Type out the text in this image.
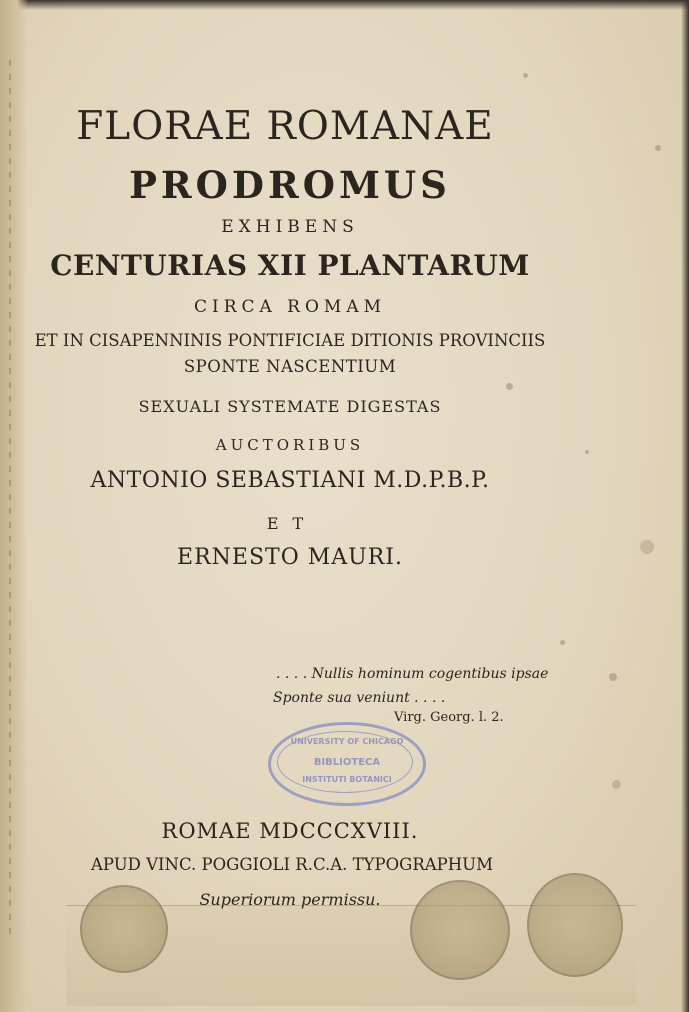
FLORAE ROMANAE

PRODROMUS

EXHIBENS

CENTURIAS XII PLANTARUM

CIRCA ROMAM

ET IN CISAPENNINIS PONTIFICIAE DITIONIS PROVINCIIS

SPONTE NASCENTIUM

SEXUALI SYSTEMATE DIGESTAS

AUCTORIBUS

ANTONIO SEBASTIANI M.D.P.B.P.

ET

ERNESTO MAURI.

. . . . Nullis hominum cogentibus ipsae
Sponte sua veniunt . . . .
Virg. Georg. l. 2.
UNIVERSITY OF CHICAGO
BIBLIOTECA
INSTITUTI BOTANICI

ROMAE MDCCCXVIII.

APUD VINC. POGGIOLI R.C.A. TYPOGRAPHUM

Superiorum permissu.
